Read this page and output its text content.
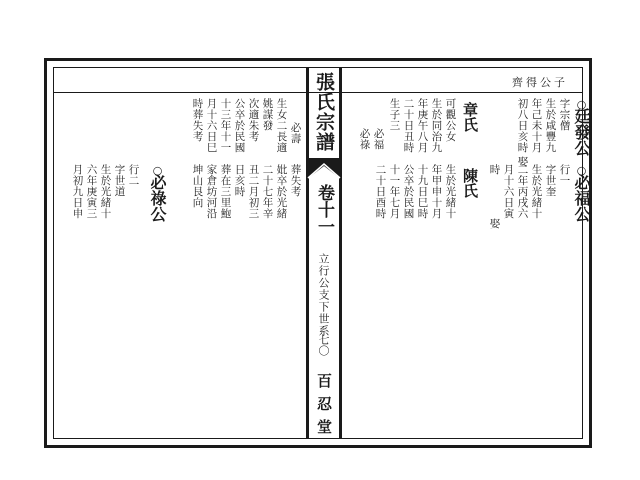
齊得公子
張氏宗譜
卷十一
立行公支下世系
七〇
百忍堂
○
廷發公
字宗僧
生於咸豐九
年己未十月
初八日亥時
娶
章氏
生於同治九
年庚午八月
二十日丑時	可觀公女
生子三
必福
必祿
○
必福公
行一
字世奎
生於光緒十
二年丙戌六
月十六日寅
時
娶
陳氏
生於光緒十
年甲申十月
十九日巳時
公卒於民國
十一年七月
二十日酉時
必壽
生女二長適
姚謀發
次適朱考
公卒於民國
十三年十一
月十六日巳
時葬失考
葬失考
妣卒於光緒
二十七年辛
丑二月初三
日亥時
葬在三里鮑
家倉坊河沿
坤山艮向
○
必祿公
行二
字世道
生於光緒十
六年庚寅三
月初九日申
